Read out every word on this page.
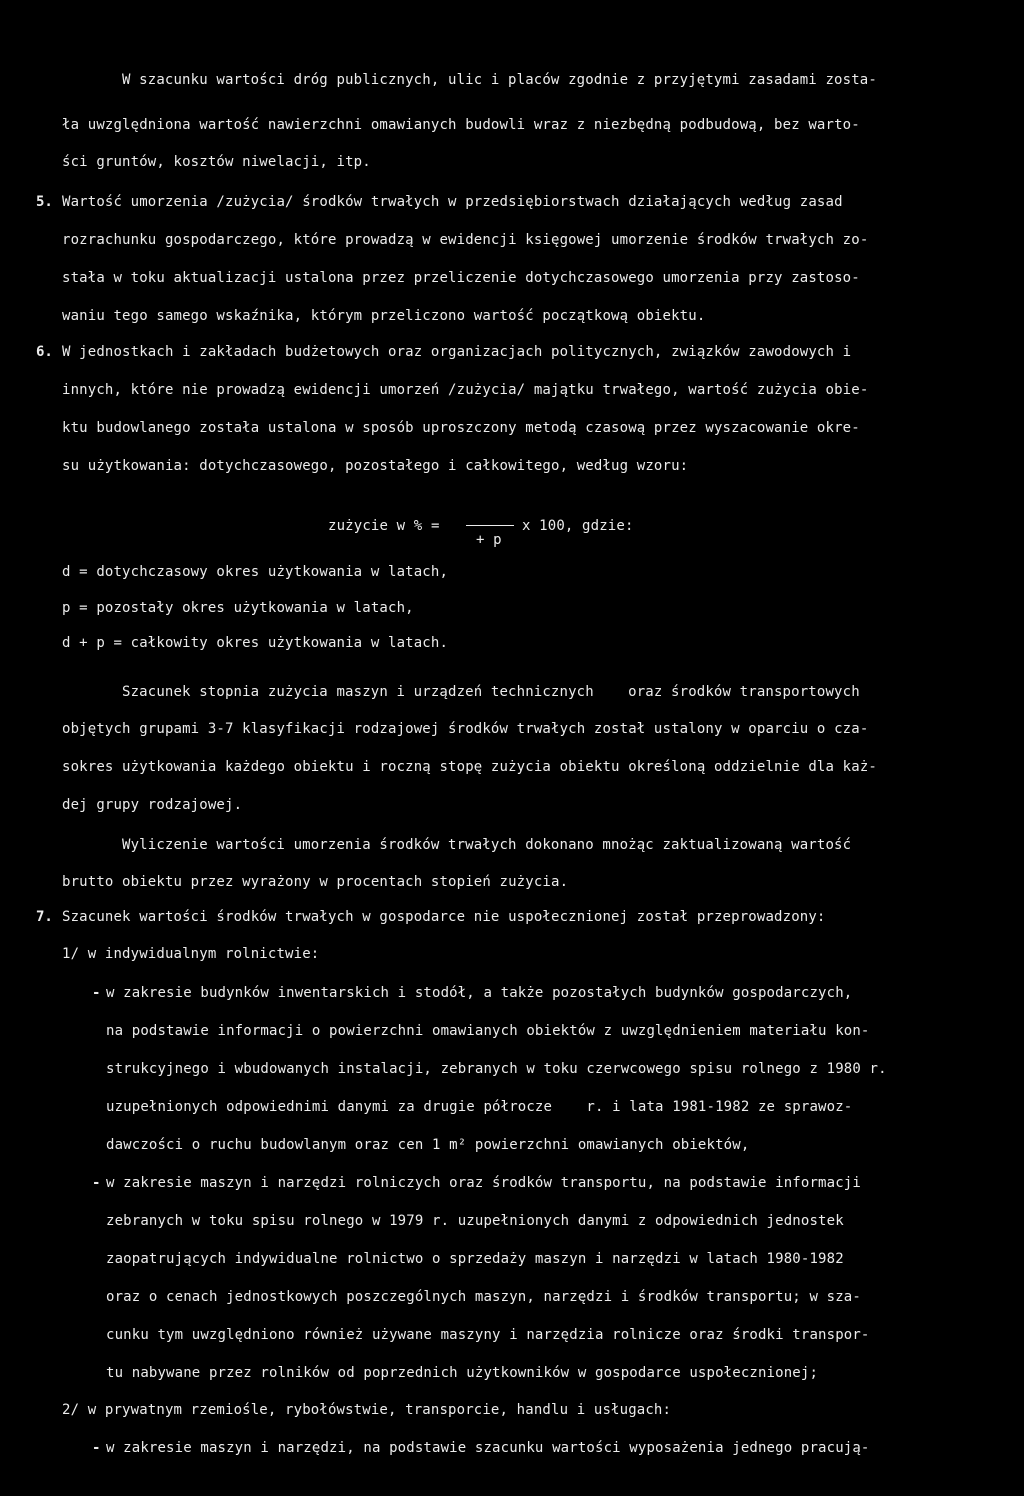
W szacunku wartości dróg publicznych, ulic i placów zgodnie z przyjętymi zasadami zosta-
ła uwzględniona wartość nawierzchni omawianych budowli wraz z niezbędną podbudową, bez warto-
ści gruntów, kosztów niwelacji, itp.
5. Wartość umorzenia /zużycia/ środków trwałych w przedsiębiorstwach działających według zasad
rozrachunku gospodarczego, które prowadzą w ewidencji księgowej umorzenie środków trwałych zo-
stała w toku aktualizacji ustalona przez przeliczenie dotychczasowego umorzenia przy zastoso-
waniu tego samego wskaźnika, którym przeliczono wartość początkową obiektu.
6. W jednostkach i zakładach budżetowych oraz organizacjach politycznych, związków zawodowych i
innych, które nie prowadzą ewidencji umorzeń /zużycia/ majątku trwałego, wartość zużycia obie-
ktu budowlanego została ustalona w sposób uproszczony metodą czasową przez wyszacowanie okre-
su użytkowania: dotychczasowego, pozostałego i całkowitego, według wzoru:
zużycie w % =
+ p
x 100, gdzie:
d = dotychczasowy okres użytkowania w latach,
p = pozostały okres użytkowania w latach,
d + p = całkowity okres użytkowania w latach.
Szacunek stopnia zużycia maszyn i urządzeń technicznych    oraz środków transportowych
objętych grupami 3-7 klasyfikacji rodzajowej środków trwałych został ustalony w oparciu o cza-
sokres użytkowania każdego obiektu i roczną stopę zużycia obiektu określoną oddzielnie dla każ-
dej grupy rodzajowej.
Wyliczenie wartości umorzenia środków trwałych dokonano mnożąc zaktualizowaną wartość
brutto obiektu przez wyrażony w procentach stopień zużycia.
7. Szacunek wartości środków trwałych w gospodarce nie uspołecznionej został przeprowadzony:
1/ w indywidualnym rolnictwie:
- w zakresie budynków inwentarskich i stodół, a także pozostałych budynków gospodarczych,
na podstawie informacji o powierzchni omawianych obiektów z uwzględnieniem materiału kon-
strukcyjnego i wbudowanych instalacji, zebranych w toku czerwcowego spisu rolnego z 1980 r.
uzupełnionych odpowiednimi danymi za drugie półrocze    r. i lata 1981-1982 ze sprawoz-
dawczości o ruchu budowlanym oraz cen 1 m² powierzchni omawianych obiektów,
- w zakresie maszyn i narzędzi rolniczych oraz środków transportu, na podstawie informacji
zebranych w toku spisu rolnego w 1979 r. uzupełnionych danymi z odpowiednich jednostek
zaopatrujących indywidualne rolnictwo o sprzedaży maszyn i narzędzi w latach 1980-1982
oraz o cenach jednostkowych poszczególnych maszyn, narzędzi i środków transportu; w sza-
cunku tym uwzględniono również używane maszyny i narzędzia rolnicze oraz środki transpor-
tu nabywane przez rolników od poprzednich użytkowników w gospodarce uspołecznionej;
2/ w prywatnym rzemiośle, rybołówstwie, transporcie, handlu i usługach:
- w zakresie maszyn i narzędzi, na podstawie szacunku wartości wyposażenia jednego pracują-
